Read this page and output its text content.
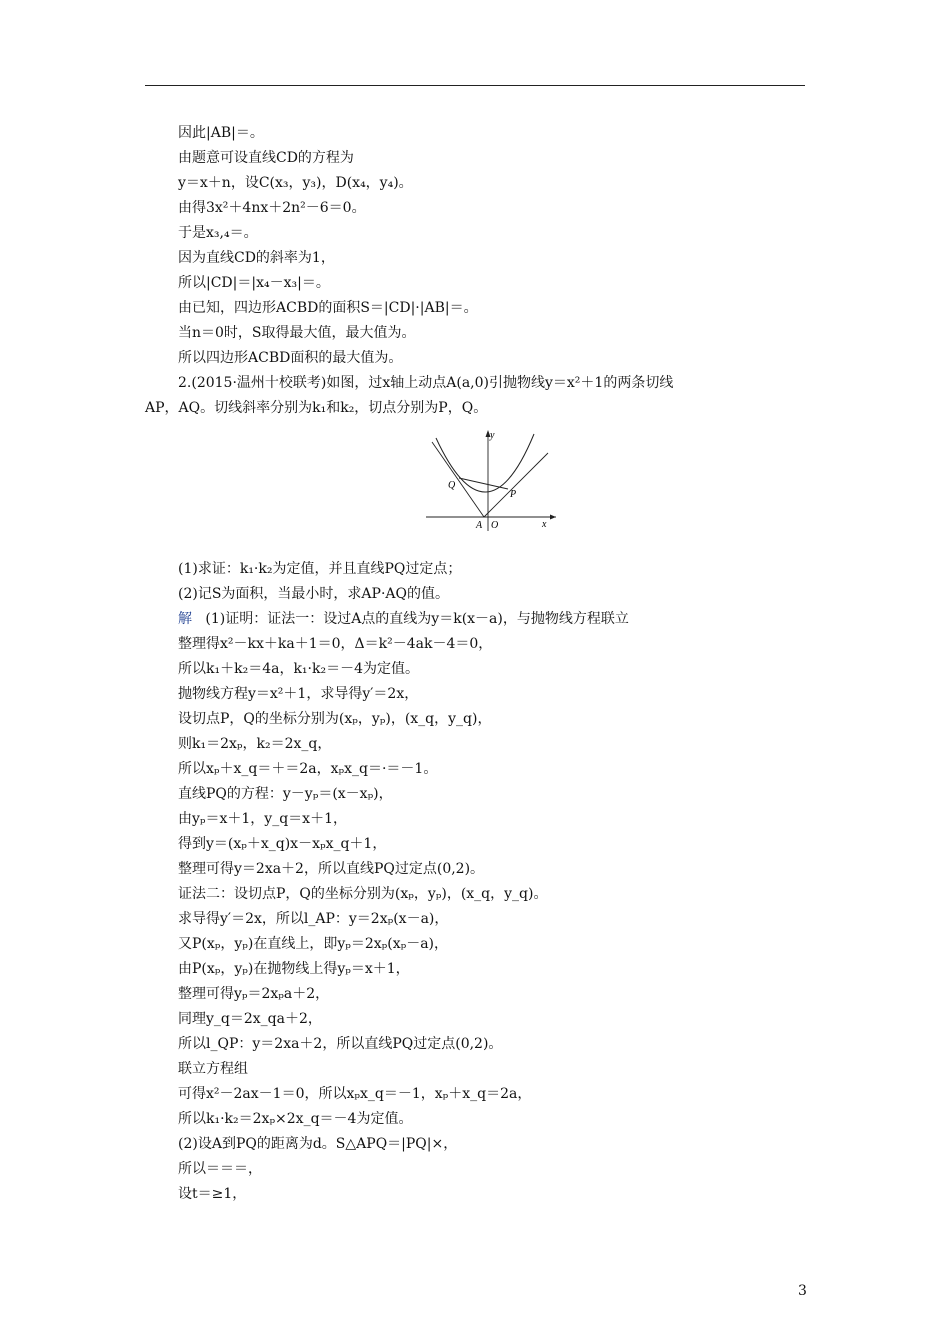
因此|AB|＝。
由题意可设直线CD的方程为
y＝x＋n，设C(x₃，y₃)，D(x₄，y₄)。
由得3x²＋4nx＋2n²－6＝0。
于是x₃,₄＝。
因为直线CD的斜率为1，
所以|CD|＝|x₄－x₃|＝。
由已知，四边形ACBD的面积S＝|CD|·|AB|＝。
当n＝0时，S取得最大值，最大值为。
所以四边形ACBD面积的最大值为。
2.(2015·温州十校联考)如图，过x轴上动点A(a,0)引抛物线y＝x²＋1的两条切线
AP，AQ。切线斜率分别为k₁和k₂，切点分别为P，Q。
(1)求证：k₁·k₂为定值，并且直线PQ过定点；
(2)记S为面积，当最小时，求AP·AQ的值。
整理得x²－kx＋ka＋1＝0，Δ＝k²－4ak－4＝0，
所以k₁＋k₂＝4a，k₁·k₂＝－4为定值。
抛物线方程y＝x²＋1，求导得y′＝2x，
设切点P，Q的坐标分别为(xₚ，yₚ)，(x_q，y_q)，
则k₁＝2xₚ，k₂＝2x_q，
所以xₚ＋x_q＝＋＝2a，xₚx_q＝·＝－1。
直线PQ的方程：y－yₚ＝(x－xₚ)，
由yₚ＝x＋1，y_q＝x＋1，
得到y＝(xₚ＋x_q)x－xₚx_q＋1，
整理可得y＝2xa＋2，所以直线PQ过定点(0,2)。
证法二：设切点P，Q的坐标分别为(xₚ，yₚ)，(x_q，y_q)。
求导得y′＝2x，所以l_AP：y＝2xₚ(x－a)，
又P(xₚ，yₚ)在直线上，即yₚ＝2xₚ(xₚ－a)，
由P(xₚ，yₚ)在抛物线上得yₚ＝x＋1，
整理可得yₚ＝2xₚa＋2，
同理y_q＝2x_qa＋2，
所以l_QP：y＝2xa＋2，所以直线PQ过定点(0,2)。
联立方程组
可得x²－2ax－1＝0，所以xₚx_q＝－1，xₚ＋x_q＝2a，
所以k₁·k₂＝2xₚ×2x_q＝－4为定值。
(2)设A到PQ的距离为d。S△APQ＝|PQ|×，
所以＝＝＝，
设t＝≥1，
解 (1)证明：证法一：设过A点的直线为y＝k(x－a)，与抛物线方程联立
y
x
Q
P
A O
3
